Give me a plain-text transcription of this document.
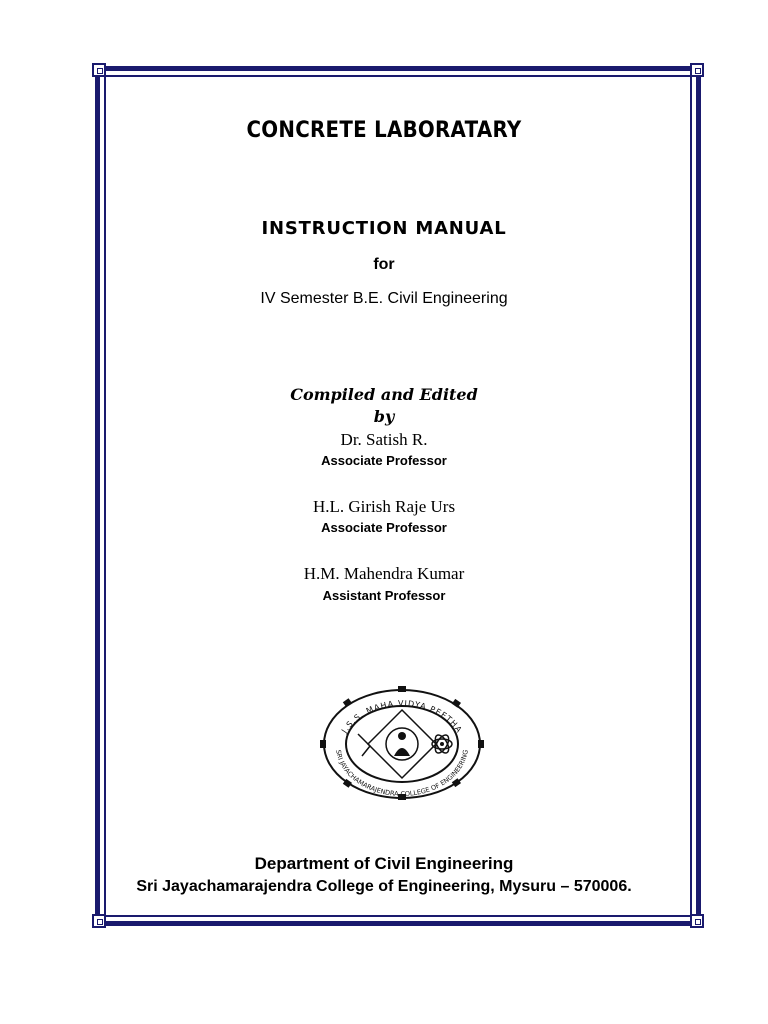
CONCRETE LABORATARY

INSTRUCTION MANUAL

for

IV Semester B.E. Civil Engineering

Compiled and Edited

by

Dr. Satish R.

Associate Professor

H.L. Girish Raje Urs

Associate Professor

H.M. Mahendra Kumar

Assistant Professor

J.S.S. MAHA VIDYA PEETHA
SRI JAYACHAMARAJENDRA COLLEGE OF ENGINEERING

Department of Civil Engineering

Sri Jayachamarajendra College of Engineering, Mysuru – 570006.
